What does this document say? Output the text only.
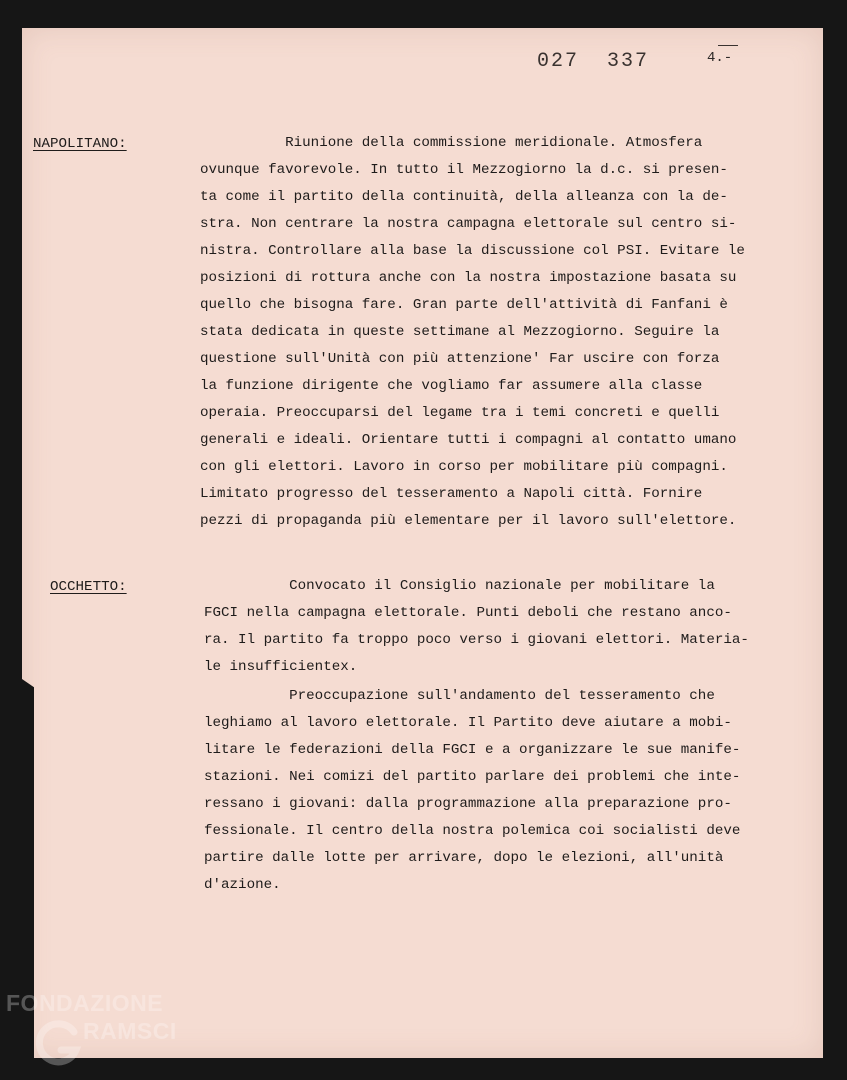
027  337	4.-
NAPOLITANO:	Riunione della commissione meridionale. Atmosfera
ovunque favorevole. In tutto il Mezzogiorno la d.c. si presen-
ta come il partito della continuità, della alleanza con la de-
stra. Non centrare la nostra campagna elettorale sul centro si-
nistra. Controllare alla base la discussione col PSI. Evitare le
posizioni di rottura anche con la nostra impostazione basata su
quello che bisogna fare. Gran parte dell'attività di Fanfani è
stata dedicata in queste settimane al Mezzogiorno. Seguire la
questione sull'Unità con più attenzione' Far uscire con forza
la funzione dirigente che vogliamo far assumere alla classe
operaia. Preoccuparsi del legame tra i temi concreti e quelli
generali e ideali. Orientare tutti i compagni al contatto umano
con gli elettori. Lavoro in corso per mobilitare più compagni.
Limitato progresso del tesseramento a Napoli città. Fornire
pezzi di propaganda più elementare per il lavoro sull'elettore.

OCCHETTO:	Convocato il Consiglio nazionale per mobilitare la
FGCI nella campagna elettorale. Punti deboli che restano anco-
ra. Il partito fa troppo poco verso i giovani elettori. Materia-
le insufficientex.

Preoccupazione sull'andamento del tesseramento che
leghiamo al lavoro elettorale. Il Partito deve aiutare a mobi-
litare le federazioni della FGCI e a organizzare le sue manife-
stazioni. Nei comizi del partito parlare dei problemi che inte-
ressano i giovani: dalla programmazione alla preparazione pro-
fessionale. Il centro della nostra polemica coi socialisti deve
partire dalle lotte per arrivare, dopo le elezioni, all'unità
d'azione.

FONDAZIONE
RAMSCI
